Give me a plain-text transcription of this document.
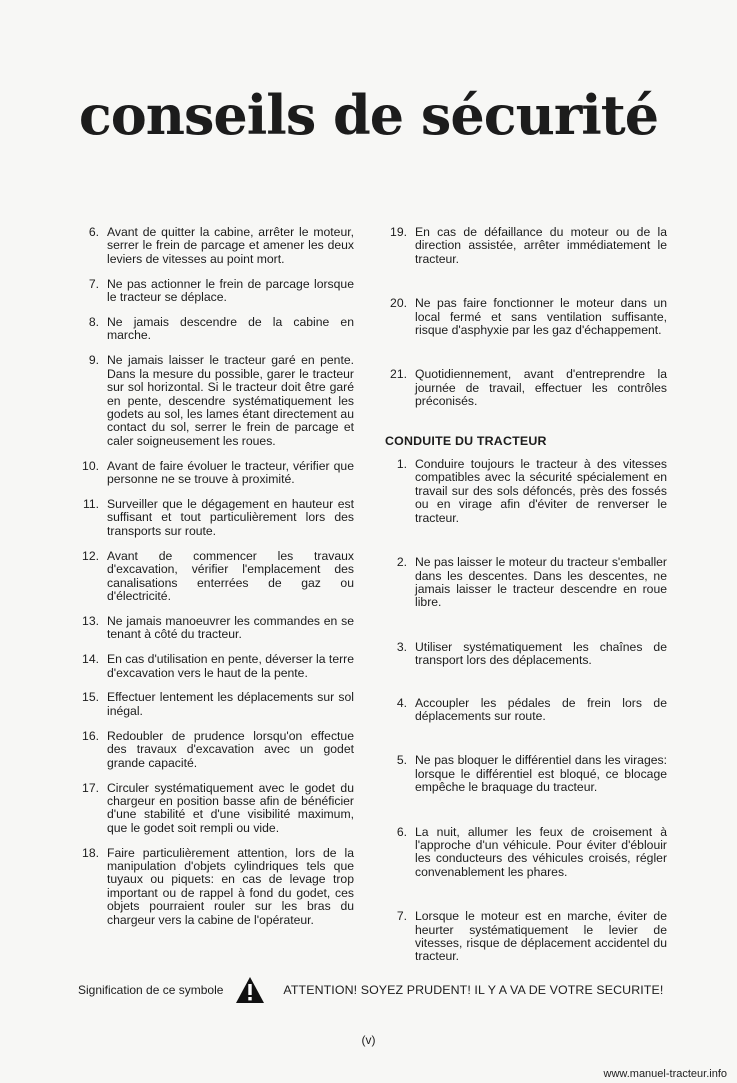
conseils de sécurité
6. Avant de quitter la cabine, arrêter le moteur, serrer le frein de parcage et amener les deux leviers de vitesses au point mort.
7. Ne pas actionner le frein de parcage lorsque le tracteur se déplace.
8. Ne jamais descendre de la cabine en marche.
9. Ne jamais laisser le tracteur garé en pente. Dans la mesure du possible, garer le tracteur sur sol horizontal. Si le tracteur doit être garé en pente, descendre systématiquement les godets au sol, les lames étant directement au contact du sol, serrer le frein de parcage et caler soigneusement les roues.
10. Avant de faire évoluer le tracteur, vérifier que personne ne se trouve à proximité.
11. Surveiller que le dégagement en hauteur est suffisant et tout particulièrement lors des transports sur route.
12. Avant de commencer les travaux d'excavation, vérifier l'emplacement des canalisations enterrées de gaz ou d'électricité.
13. Ne jamais manoeuvrer les commandes en se tenant à côté du tracteur.
14. En cas d'utilisation en pente, déverser la terre d'excavation vers le haut de la pente.
15. Effectuer lentement les déplacements sur sol inégal.
16. Redoubler de prudence lorsqu'on effectue des travaux d'excavation avec un godet grande capacité.
17. Circuler systématiquement avec le godet du chargeur en position basse afin de bénéficier d'une stabilité et d'une visibilité maximum, que le godet soit rempli ou vide.
18. Faire particulièrement attention, lors de la manipulation d'objets cylindriques tels que tuyaux ou piquets: en cas de levage trop important ou de rappel à fond du godet, ces objets pourraient rouler sur les bras du chargeur vers la cabine de l'opérateur.
19. En cas de défaillance du moteur ou de la direction assistée, arrêter immédiatement le tracteur.
20. Ne pas faire fonctionner le moteur dans un local fermé et sans ventilation suffisante, risque d'asphyxie par les gaz d'échappement.
21. Quotidiennement, avant d'entreprendre la journée de travail, effectuer les contrôles préconisés.
CONDUITE DU TRACTEUR
1. Conduire toujours le tracteur à des vitesses compatibles avec la sécurité spécialement en travail sur des sols défoncés, près des fossés ou en virage afin d'éviter de renverser le tracteur.
2. Ne pas laisser le moteur du tracteur s'emballer dans les descentes. Dans les descentes, ne jamais laisser le tracteur descendre en roue libre.
3. Utiliser systématiquement les chaînes de transport lors des déplacements.
4. Accoupler les pédales de frein lors de déplacements sur route.
5. Ne pas bloquer le différentiel dans les virages: lorsque le différentiel est bloqué, ce blocage empêche le braquage du tracteur.
6. La nuit, allumer les feux de croisement à l'approche d'un véhicule. Pour éviter d'éblouir les conducteurs des véhicules croisés, régler convenablement les phares.
7. Lorsque le moteur est en marche, éviter de heurter systématiquement le levier de vitesses, risque de déplacement accidentel du tracteur.
Signification de ce symbole	ATTENTION! SOYEZ PRUDENT! IL Y A VA DE VOTRE SECURITE!
(v)
www.manuel-tracteur.info
